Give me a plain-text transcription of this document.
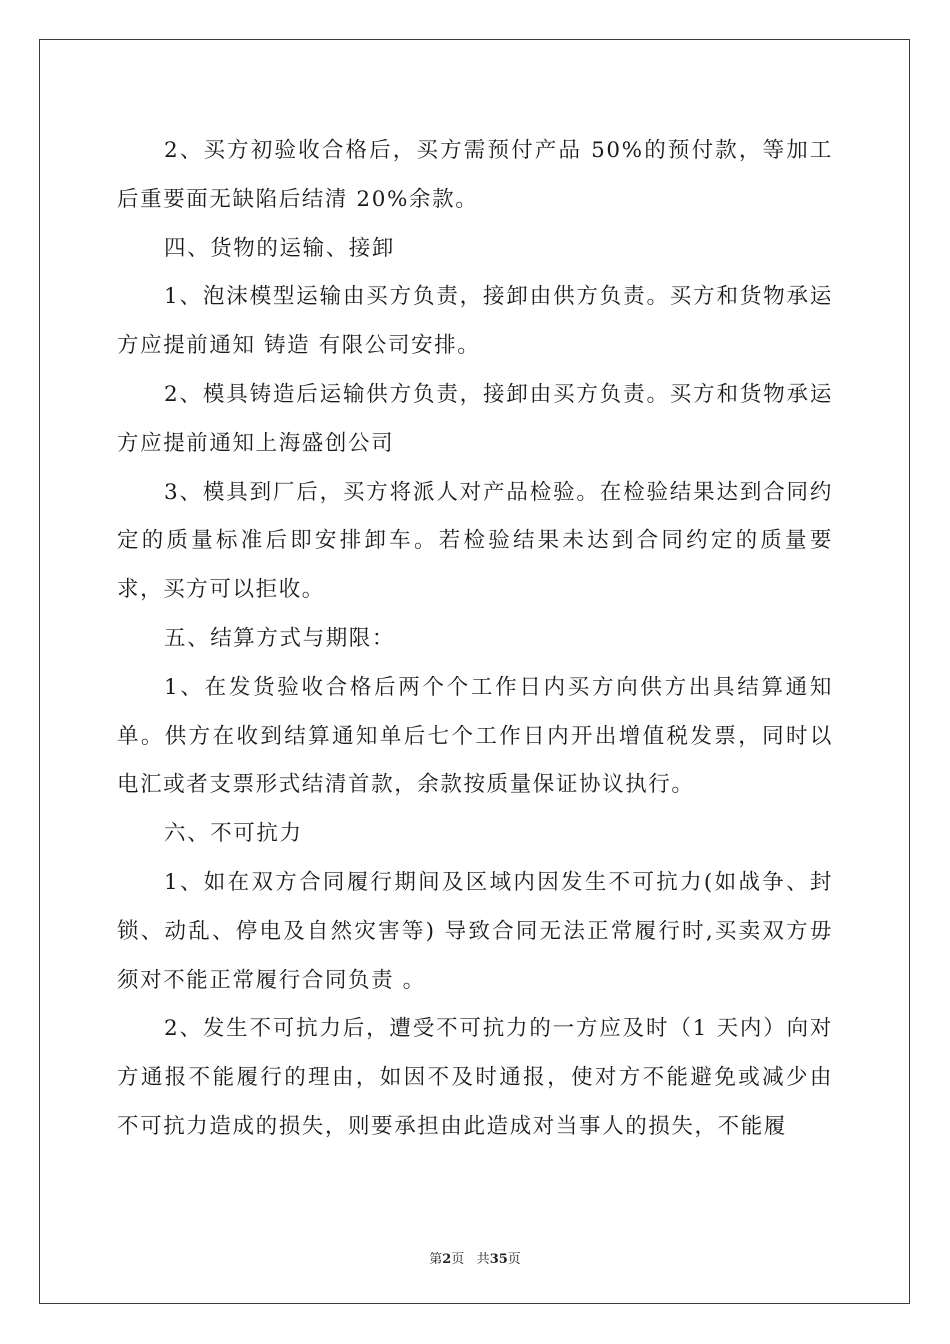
2、买方初验收合格后，买方需预付产品 50%的预付款，等加工后重要面无缺陷后结清 20%余款。

四、货物的运输、接卸

1、泡沫模型运输由买方负责，接卸由供方负责。买方和货物承运方应提前通知 铸造 有限公司安排。

2、模具铸造后运输供方负责，接卸由买方负责。买方和货物承运方应提前通知上海盛创公司

3、模具到厂后，买方将派人对产品检验。在检验结果达到合同约定的质量标准后即安排卸车。若检验结果未达到合同约定的质量要求，买方可以拒收。

五、结算方式与期限：

1、在发货验收合格后两个个工作日内买方向供方出具结算通知单。供方在收到结算通知单后七个工作日内开出增值税发票，同时以电汇或者支票形式结清首款，余款按质量保证协议执行。

六、不可抗力

1、如在双方合同履行期间及区域内因发生不可抗力(如战争、封锁、动乱、停电及自然灾害等) 导致合同无法正常履行时,买卖双方毋须对不能正常履行合同负责 。

2、发生不可抗力后，遭受不可抗力的一方应及时（1 天内）向对方通报不能履行的理由，如因不及时通报，使对方不能避免或减少由不可抗力造成的损失，则要承担由此造成对当事人的损失，不能履

第2页 共35页
